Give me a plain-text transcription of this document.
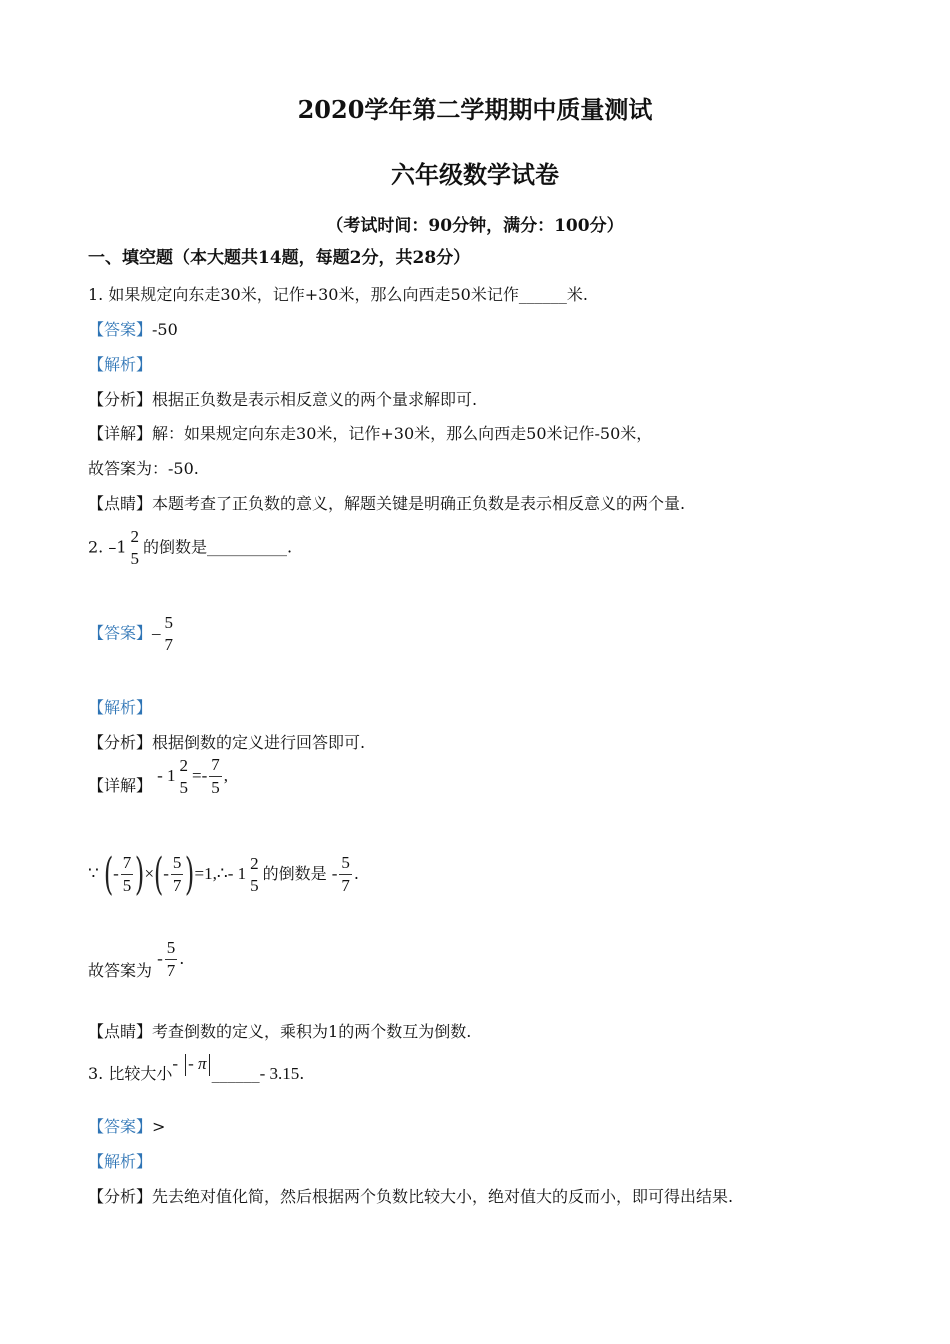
2020学年第二学期期中质量测试
六年级数学试卷
（考试时间：90分钟，满分：100分）
一、填空题（本大题共14题，每题2分，共28分）
1. 如果规定向东走30米，记作+30米，那么向西走50米记作______米.
【答案】-50
【解析】
【分析】根据正负数是表示相反意义的两个量求解即可.
【详解】解：如果规定向东走30米，记作+30米，那么向西走50米记作-50米，
故答案为：-50.
【点睛】本题考查了正负数的意义，解题关键是明确正负数是表示相反意义的两个量.
2. –1
2
5
的倒数是__________.
【答案】–
5
7
【解析】
【分析】根据倒数的定义进行回答即可.
【详解】 - 1
2
5
=- $\frac{7}{5}$ ,
∵ (- $\frac{7}{5}$ )×(- $\frac{5}{7}$ )=1,∴- 1
2
5
的倒数是 - $\frac{5}{7}$ .
故答案为 - $\frac{5}{7}$ .
【点睛】考查倒数的定义，乘积为1的两个数互为倒数.
3. 比较大小- - π______- 3.15.
【答案】>
【解析】
【分析】先去绝对值化简，然后根据两个负数比较大小，绝对值大的反而小，即可得出结果.
